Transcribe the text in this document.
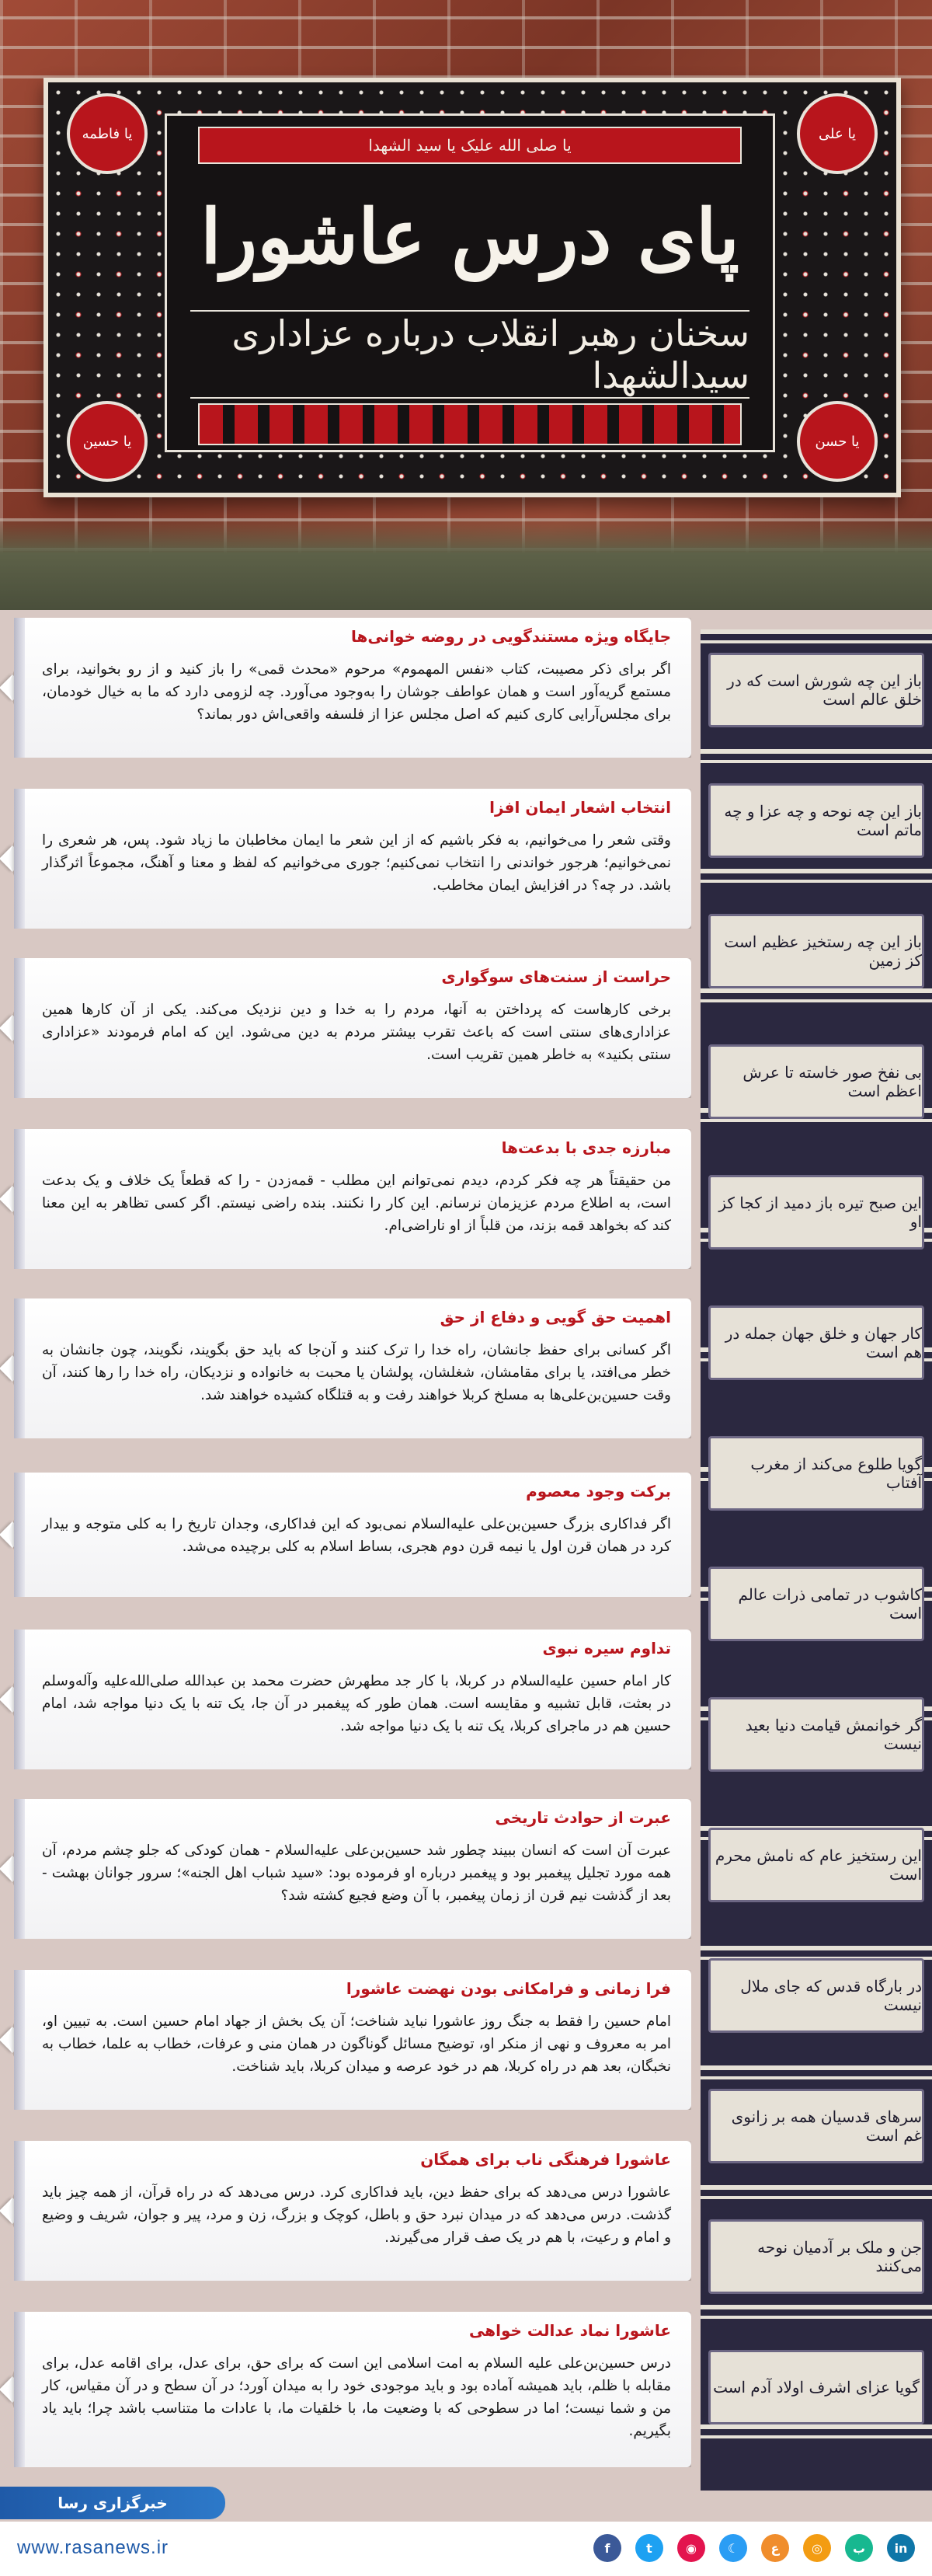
یا علی
یا فاطمه
یا حسن
یا حسین
یا صلی الله علیک یا سید الشهدا
پای درس عاشورا
سخنان رهبر انقلاب درباره عزاداری سیدالشهدا
باز این چه شورش است که در خلق عالم است
باز این چه نوحه و چه عزا و چه ماتم است
باز این چه رستخیز عظیم است کز زمین
بی نفخ صور خاسته تا عرش اعظم است
این صبح تیره باز دمید از کجا کز او
کار جهان و خلق جهان جمله در هم است
گویا طلوع می‌کند از مغرب آفتاب
کاشوب در تمامی ذرات عالم است
گر خوانمش قیامت دنیا بعید نیست
این رستخیز عام که نامش محرم است
در بارگاه قدس که جای ملال نیست
سرهای قدسیان همه بر زانوی غم است
جن و ملک بر آدمیان نوحه می‌کنند
گویا عزای اشرف اولاد آدم است
جایگاه ویژه مستندگویی در روضه خوانی‌ها
اگر برای ذکر مصیبت، کتاب «نفس المهموم» مرحوم «محدث قمی» را باز کنید و از رو بخوانید، برای مستمع گریه‌آور است و همان عواطف جوشان را به‌وجود می‌آورد. چه لزومی دارد که ما به خیال خودمان، برای مجلس‌آرایی کاری کنیم که اصل مجلس عزا از فلسفه واقعی‌اش دور بماند؟
انتخاب اشعار ایمان افزا
وقتی شعر را می‌خوانیم، به فکر باشیم که از این شعر ما ایمان مخاطبان ما زیاد شود. پس، هر شعری را نمی‌خوانیم؛ هرجور خواندنی را انتخاب نمی‌کنیم؛ جوری می‌خوانیم که لفظ و معنا و آهنگ، مجموعاً اثرگذار باشد. در چه؟ در افزایش ایمان مخاطب.
حراست از سنت‌های سوگواری
برخی کارهاست که پرداختن به آنها، مردم را به خدا و دین نزدیک می‌کند. یکی از آن کارها همین عزاداری‌های سنتی است که باعث تقرب بیشتر مردم به دین می‌شود. این که امام فرمودند «عزاداری سنتی بکنید» به خاطر همین تقریب است.
مبارزه جدی با بدعت‌ها
من حقیقتاً هر چه فکر کردم، دیدم نمی‌توانم این مطلب - قمه‌زدن - را که قطعاً یک خلاف و یک بدعت است، به اطلاع مردم عزیزمان نرسانم. این کار را نکنند. بنده راضی نیستم. اگر کسی تظاهر به این معنا کند که بخواهد قمه بزند، من قلباً از او ناراضی‌ام.
اهمیت حق گویی و دفاع از حق
اگر کسانی برای حفظ جانشان، راه خدا را ترک کنند و آن‌جا که باید حق بگویند، نگویند، چون جانشان به خطر می‌افتد، یا برای مقامشان، شغلشان، پولشان یا محبت به خانواده و نزدیکان، راه خدا را رها کنند، آن وقت حسین‌بن‌علی‌ها به مسلخ کربلا خواهند رفت و به قتلگاه کشیده خواهند شد.
برکت وجود معصوم
اگر فداکاری بزرگ حسین‌بن‌علی علیه‌السلام نمی‌بود که این فداکاری، وجدان تاریخ را به کلی متوجه و بیدار کرد در همان قرن اول یا نیمه قرن دوم هجری، بساط اسلام به کلی برچیده می‌شد.
تداوم سیره نبوی
کار امام حسین علیه‌السلام در کربلا، با کار جد مطهرش حضرت محمد بن عبدالله صلی‌الله‌علیه وآله‌وسلم در بعثت، قابل تشبیه و مقایسه است. همان طور که پیغمبر در آن جا، یک تنه با یک دنیا مواجه شد، امام حسین هم در ماجرای کربلا، یک تنه با یک دنیا مواجه شد.
عبرت از حوادث تاریخی
عبرت آن است که انسان ببیند چطور شد حسین‌بن‌علی علیه‌السلام - همان کودکی که جلو چشم مردم، آن همه مورد تجلیل پیغمبر بود و پیغمبر درباره او فرموده بود: «سید شباب اهل الجنه»؛ سرور جوانان بهشت - بعد از گذشت نیم قرن از زمان پیغمبر، با آن وضع فجیع کشته شد؟
فرا زمانی و فرامکانی بودن نهضت عاشورا
امام حسین را فقط به جنگ روز عاشورا نباید شناخت؛ آن یک بخش از جهاد امام حسین است. به تبیین او، امر به معروف و نهی از منکر او، توضیح مسائل گوناگون در همان منی و عرفات، خطاب به علما، خطاب به نخبگان، بعد هم در راه کربلا، هم در خود عرصه و میدان کربلا، باید شناخت.
عاشورا فرهنگی ناب برای همگان
عاشورا درس می‌دهد که برای حفظ دین، باید فداکاری کرد. درس می‌دهد که در راه قرآن، از همه چیز باید گذشت. درس می‌دهد که در میدان نبرد حق و باطل، کوچک و بزرگ، زن و مرد، پیر و جوان، شریف و وضیع و امام و رعیت، با هم در یک صف قرار می‌گیرند.
عاشورا نماد عدالت خواهی
درس حسین‌بن‌علی علیه السلام به امت اسلامی این است که برای حق، برای عدل، برای اقامه عدل، برای مقابله با ظلم، باید همیشه آماده بود و باید موجودی خود را به میدان آورد؛ در آن سطح و در آن مقیاس، کار من و شما نیست؛ اما در سطوحی که با وضعیت ما، با خلقیات ما، با عادات ما متناسب باشد چرا؛ باید یاد بگیریم.
خبرگزاری رسا
www.rasanews.ir	f	t	◉	☾	ع	◎	ب	in
